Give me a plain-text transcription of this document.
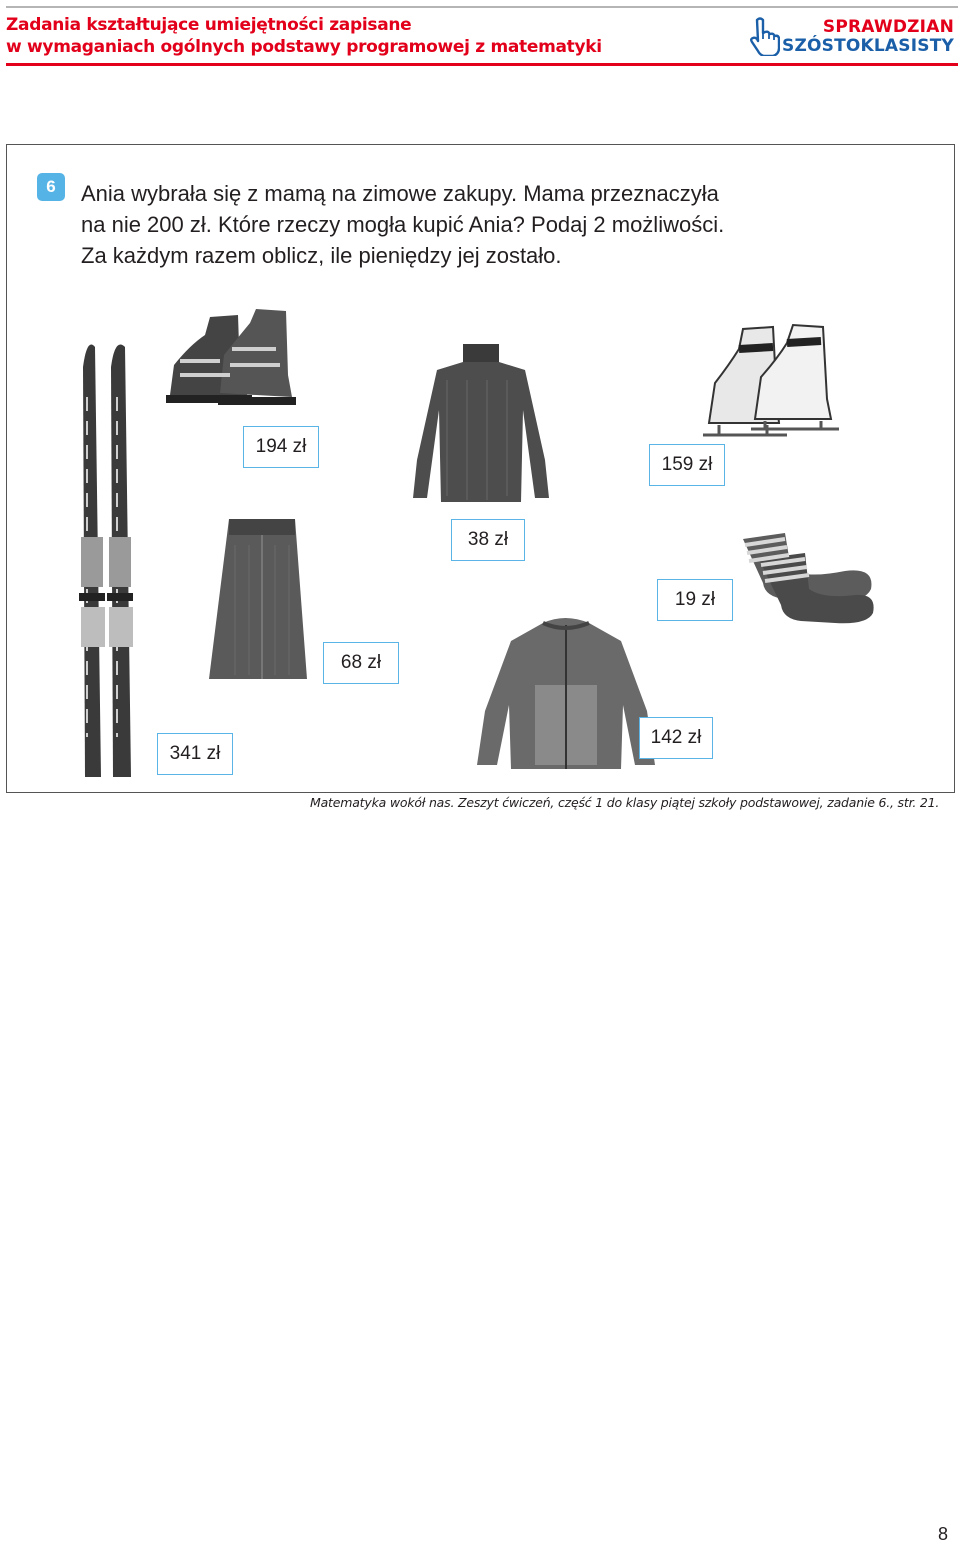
Zadania kształtujące umiejętności zapisane
w wymaganiach ogólnych podstawy programowej z matematyki
SPRAWDZIAN
SZÓSTOKLASISTY
6	Ania wybrała się z mamą na zimowe zakupy. Mama przeznaczyła
na nie 200 zł. Które rzeczy mogła kupić Ania? Podaj 2 możliwości.
Za każdym razem oblicz, ile pieniędzy jej zostało.
341 zł
194 zł
159 zł
38 zł
19 zł
68 zł
142 zł
Matematyka wokół nas. Zeszyt ćwiczeń, część 1 do klasy piątej szkoły podstawowej, zadanie 6., str. 21.
8
